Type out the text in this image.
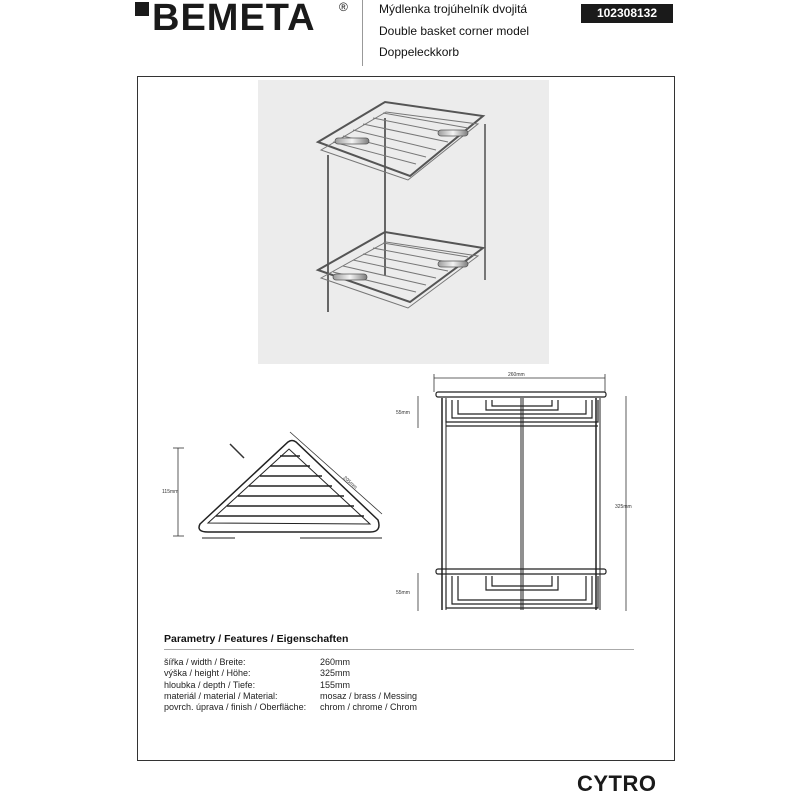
BEMETA ®	Mýdlenka trojúhelník dvojitá
Double basket corner model
Doppeleckkorb
102308132
115mm
205mm
260mm
55mm
55mm
325mm
Parametry / Features / Eigenschaften
šířka / width / Breite:	260mm
výška / height / Höhe:	325mm
hloubka / depth / Tiefe:	155mm
materiál / material / Material:	mosaz / brass / Messing
povrch. úprava / finish / Oberfläche: chrom / chrome / Chrom
CYTRO
